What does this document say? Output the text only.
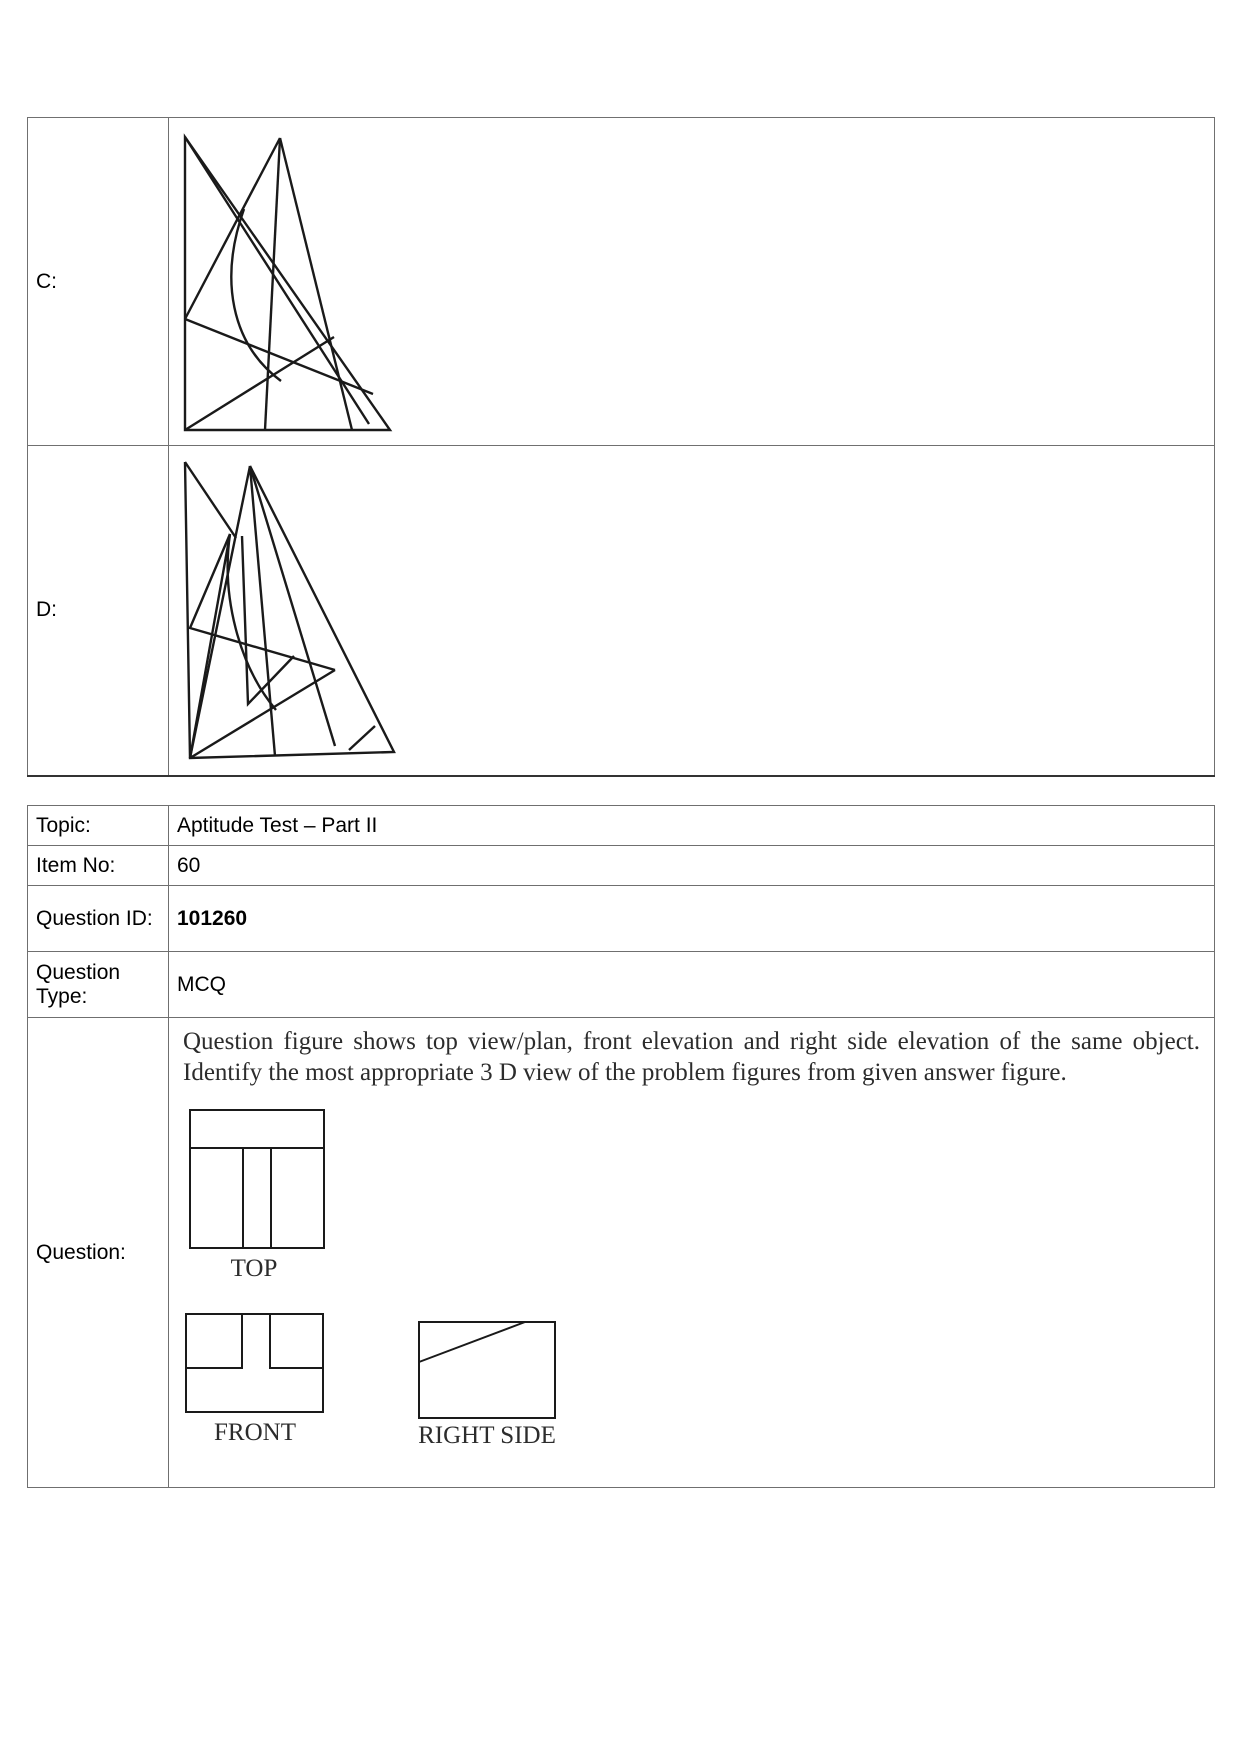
C:	

D:	
Topic:	Aptitude Test – Part II
Item No:	60
Question ID:	101260
Question Type:	MCQ
Question:	Question figure shows top view/plan, front elevation and right side elevation of the same object. Identify the most appropriate 3 D view of the problem figures from given answer figure.
TOP
FRONT RIGHT SIDE
